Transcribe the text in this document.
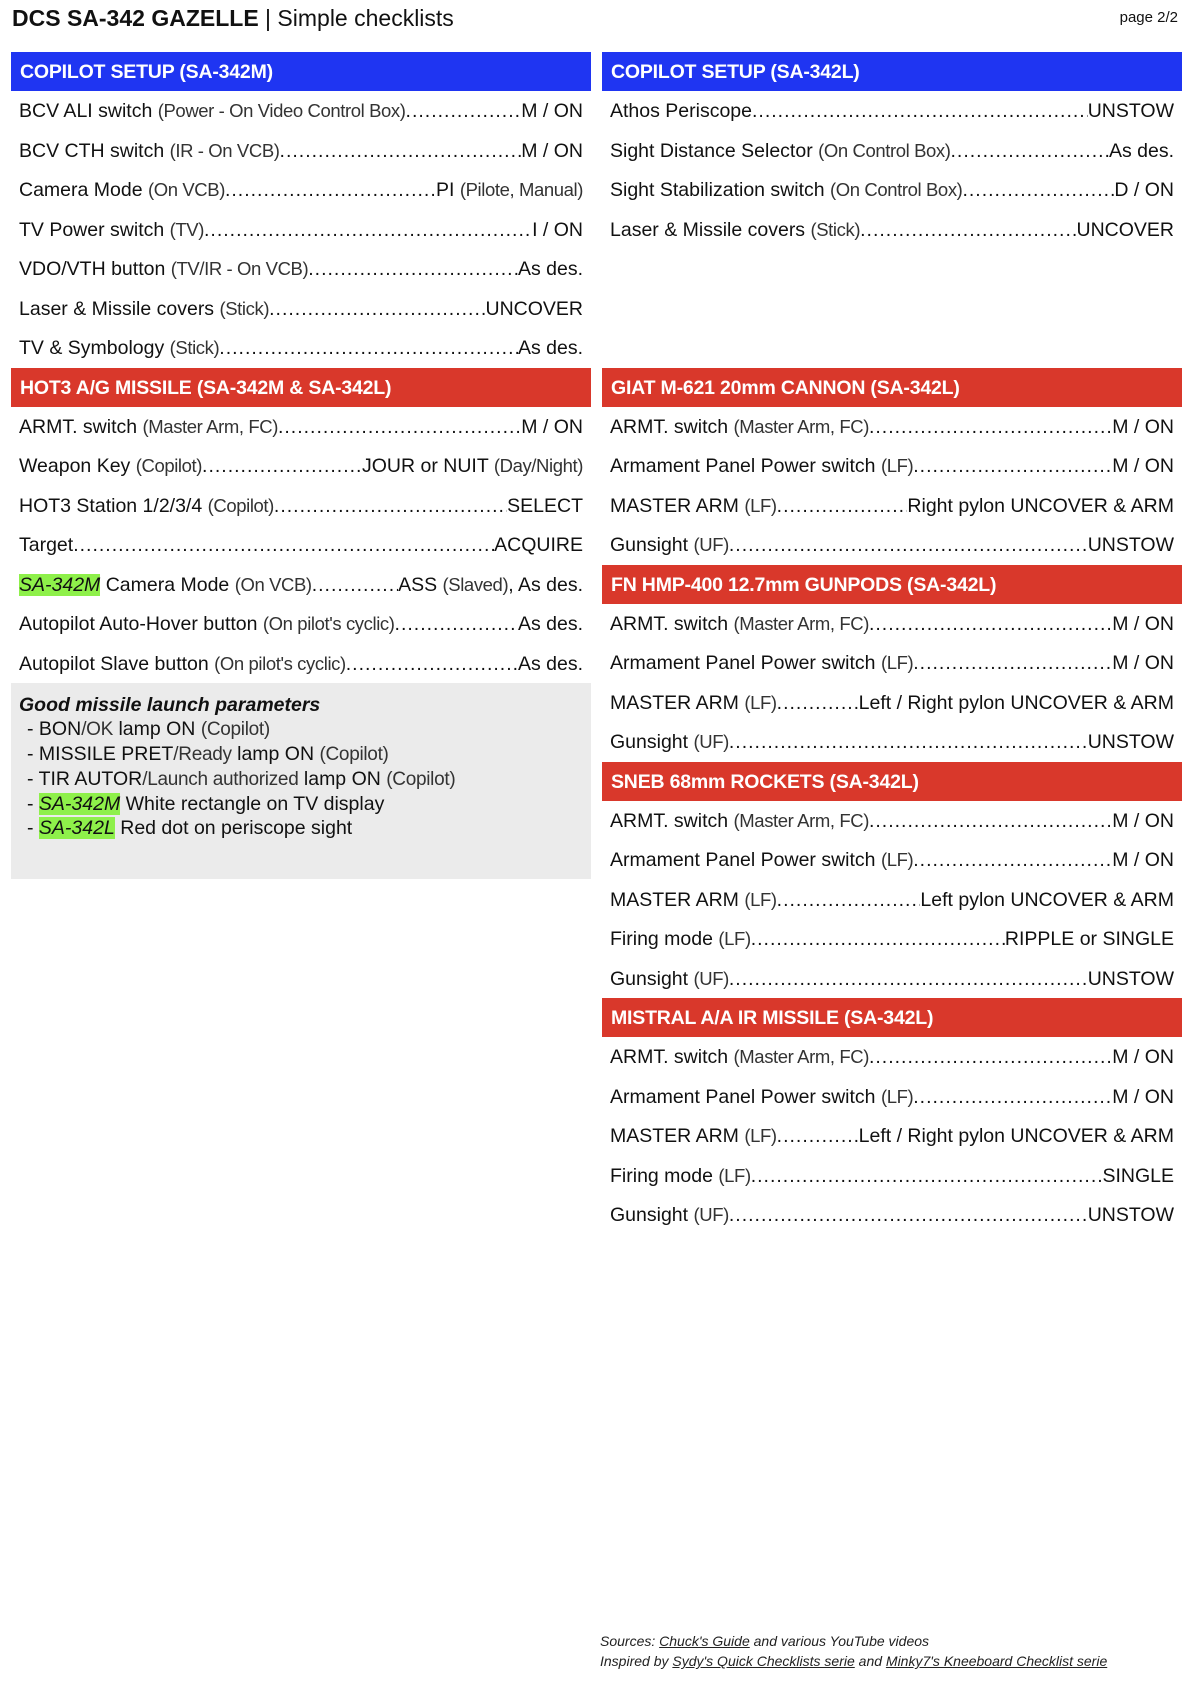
DCS SA-342 GAZELLE | Simple checklists	page 2/2
COPILOT SETUP (SA-342M)
BCV ALI switch (Power - On Video Control Box) .....	M / ON
BCV CTH switch (IR - On VCB) .....	M / ON
Camera Mode (On VCB) .....	PI (Pilote, Manual)
TV Power switch (TV) .....	I / ON
VDO/VTH button (TV/IR - On VCB) .....	As des.
Laser & Missile covers (Stick) .....	UNCOVER
TV & Symbology (Stick) .....	As des.
HOT3 A/G MISSILE (SA-342M & SA-342L)
ARMT. switch (Master Arm, FC) .....	M / ON
Weapon Key (Copilot) .....	JOUR or NUIT (Day/Night)
HOT3 Station 1/2/3/4 (Copilot) .....	SELECT
Target .....	ACQUIRE
SA-342M Camera Mode (On VCB) .....	ASS (Slaved), As des.
Autopilot Auto-Hover button (On pilot's cyclic) .....	As des.
Autopilot Slave button (On pilot's cyclic) .....	As des.
Good missile launch parameters
- BON/OK lamp ON (Copilot)
- MISSILE PRET/Ready lamp ON (Copilot)
- TIR AUTOR/Launch authorized lamp ON (Copilot)
- SA-342M White rectangle on TV display
- SA-342L Red dot on periscope sight
COPILOT SETUP (SA-342L)
Athos Periscope .....	UNSTOW
Sight Distance Selector (On Control Box) .....	As des.
Sight Stabilization switch (On Control Box) .....	D / ON
Laser & Missile covers (Stick) .....	UNCOVER
GIAT M-621 20mm CANNON (SA-342L)
ARMT. switch (Master Arm, FC) .....	M / ON
Armament Panel Power switch (LF) .....	M / ON
MASTER ARM (LF) .....	Right pylon UNCOVER & ARM
Gunsight (UF) .....	UNSTOW
FN HMP-400 12.7mm GUNPODS (SA-342L)
ARMT. switch (Master Arm, FC) .....	M / ON
Armament Panel Power switch (LF) .....	M / ON
MASTER ARM (LF) .....	Left / Right pylon UNCOVER & ARM
Gunsight (UF) .....	UNSTOW
SNEB 68mm ROCKETS (SA-342L)
ARMT. switch (Master Arm, FC) .....	M / ON
Armament Panel Power switch (LF) .....	M / ON
MASTER ARM (LF) .....	Left pylon UNCOVER & ARM
Firing mode (LF) .....	RIPPLE or SINGLE
Gunsight (UF) .....	UNSTOW
MISTRAL A/A IR MISSILE (SA-342L)
ARMT. switch (Master Arm, FC) .....	M / ON
Armament Panel Power switch (LF) .....	M / ON
MASTER ARM (LF) .....	Left / Right pylon UNCOVER & ARM
Firing mode (LF) .....	SINGLE
Gunsight (UF) .....	UNSTOW
Sources: Chuck's Guide and various YouTube videos
Inspired by Sydy's Quick Checklists serie and Minky7's Kneeboard Checklist serie
